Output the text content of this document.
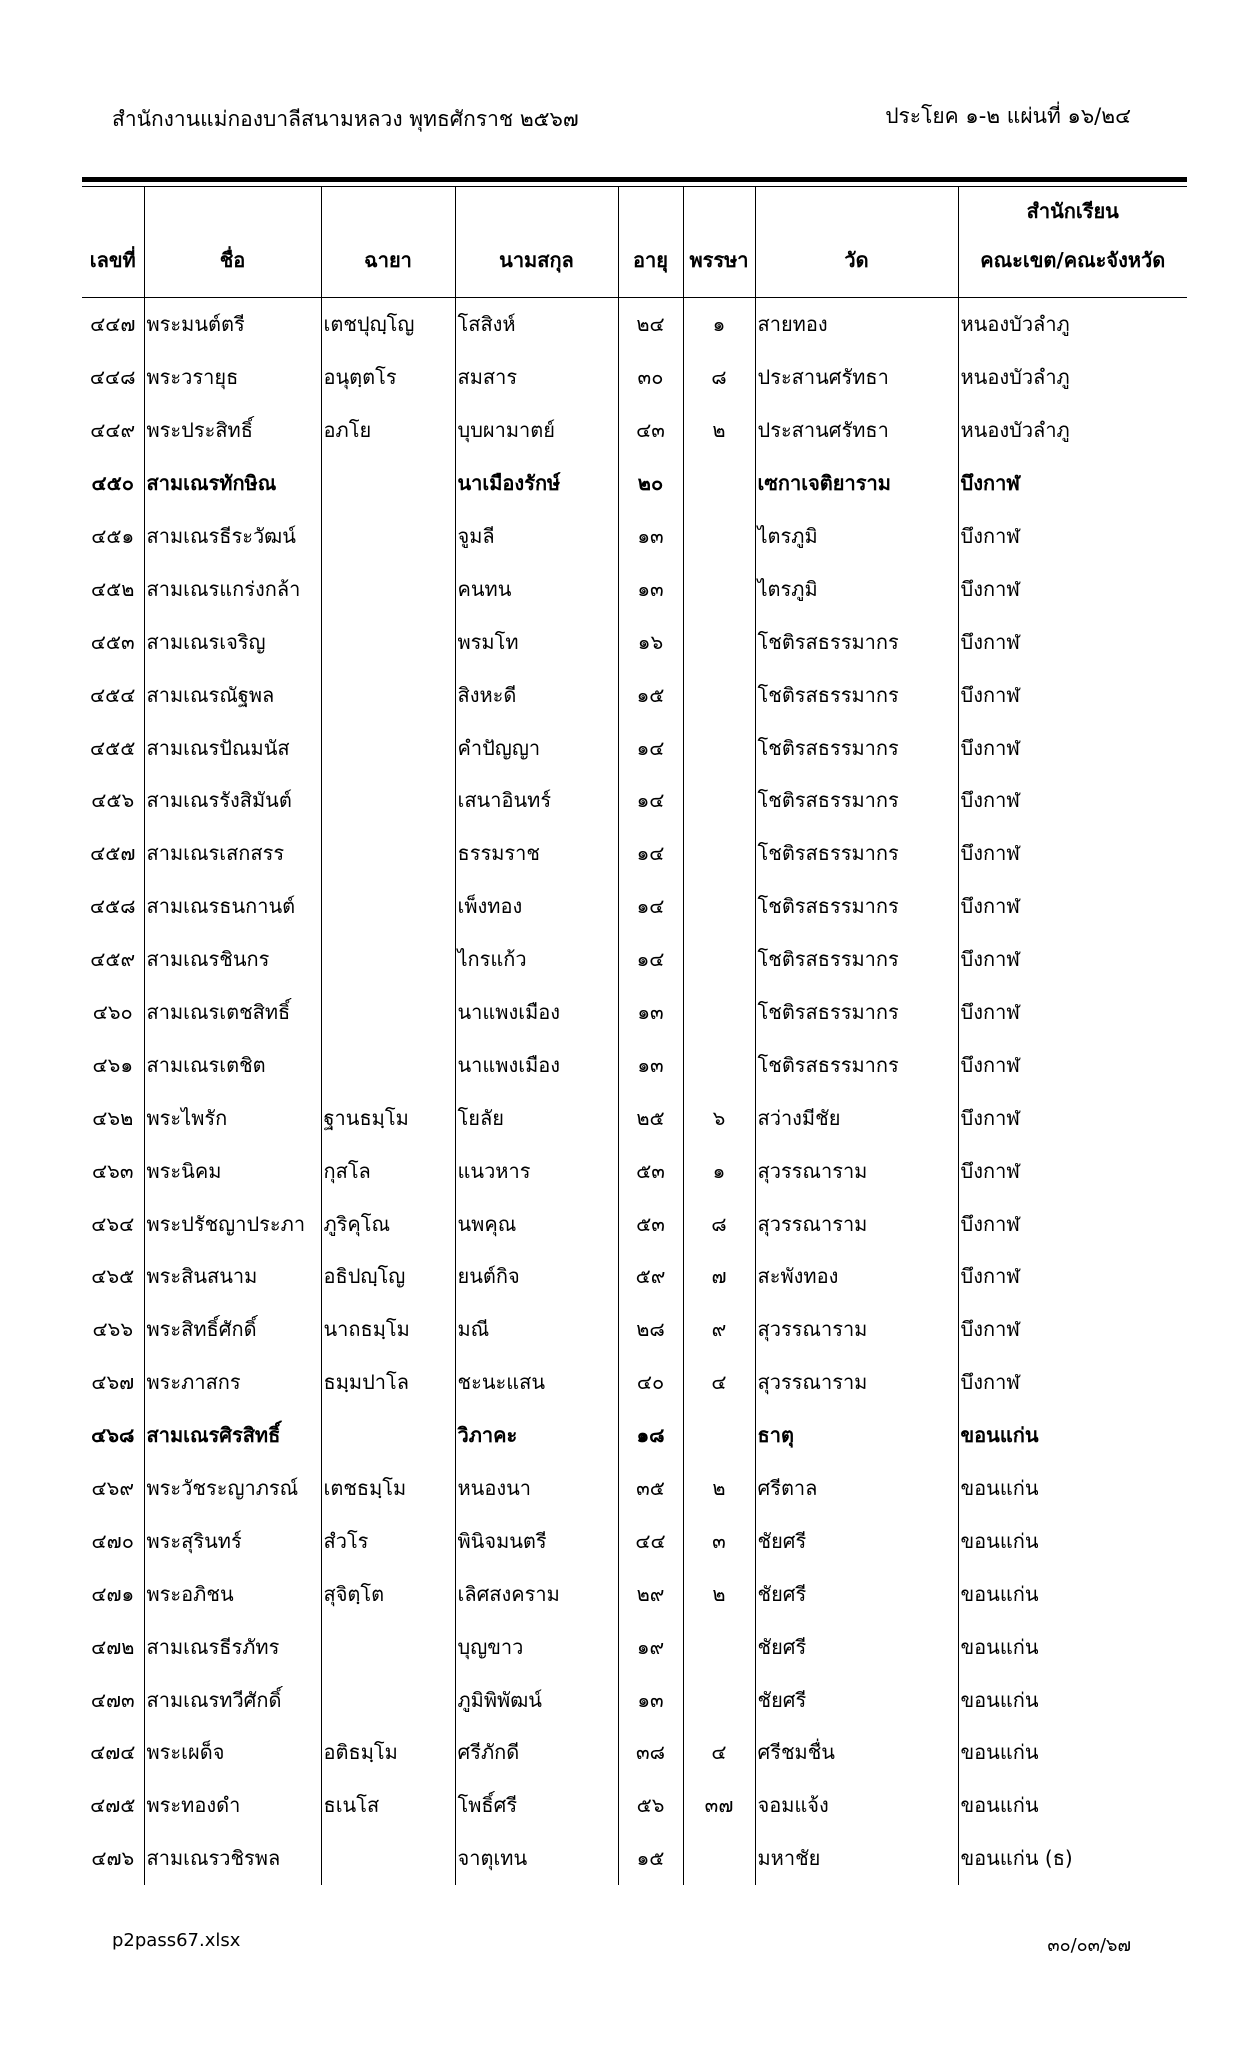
สำนักงานแม่กองบาลีสนามหลวง พุทธศักราช ๒๕๖๗	ประโยค ๑-๒ แผ่นที่ ๑๖/๒๔
เลขที่	ชื่อ	ฉายา	นามสกุล	อายุ	พรรษา	วัด	สำนักเรียน
คณะเขต/คณะจังหวัด
๔๔๗	พระมนต์ตรี	เตชปุญฺโญ	โสสิงห์	๒๔	๑	สายทอง	หนองบัวลำภู
๔๔๘	พระวรายุธ	อนุตฺตโร	สมสาร	๓๐	๘	ประสานศรัทธา	หนองบัวลำภู
๔๔๙	พระประสิทธิ์	อภโย	บุบผามาตย์	๔๓	๒	ประสานศรัทธา	หนองบัวลำภู
๔๕๐	สามเณรทักษิณ		นาเมืองรักษ์	๒๐		เซกาเจติยาราม	บึงกาฬ
๔๕๑	สามเณรธีระวัฒน์		จูมลี	๑๓		ไตรภูมิ	บึงกาฬ
๔๕๒	สามเณรแกร่งกล้า		คนทน	๑๓		ไตรภูมิ	บึงกาฬ
๔๕๓	สามเณรเจริญ		พรมโท	๑๖		โชติรสธรรมากร	บึงกาฬ
๔๕๔	สามเณรณัฐพล		สิงหะดี	๑๕		โชติรสธรรมากร	บึงกาฬ
๔๕๕	สามเณรปัณมนัส		คำปัญญา	๑๔		โชติรสธรรมากร	บึงกาฬ
๔๕๖	สามเณรรังสิมันต์		เสนาอินทร์	๑๔		โชติรสธรรมากร	บึงกาฬ
๔๕๗	สามเณรเสกสรร		ธรรมราช	๑๔		โชติรสธรรมากร	บึงกาฬ
๔๕๘	สามเณรธนกานต์		เพ็งทอง	๑๔		โชติรสธรรมากร	บึงกาฬ
๔๕๙	สามเณรชินกร		ไกรแก้ว	๑๔		โชติรสธรรมากร	บึงกาฬ
๔๖๐	สามเณรเตชสิทธิ์		นาแพงเมือง	๑๓		โชติรสธรรมากร	บึงกาฬ
๔๖๑	สามเณรเตชิต		นาแพงเมือง	๑๓		โชติรสธรรมากร	บึงกาฬ
๔๖๒	พระไพรัก	ฐานธมฺโม	โยลัย	๒๕	๖	สว่างมีชัย	บึงกาฬ
๔๖๓	พระนิคม	กุสโล	แนวหาร	๕๓	๑	สุวรรณาราม	บึงกาฬ
๔๖๔	พระปรัชญาประภา	ภูริคุโณ	นพคุณ	๕๓	๘	สุวรรณาราม	บึงกาฬ
๔๖๕	พระสินสนาม	อธิปญฺโญ	ยนต์กิจ	๕๙	๗	สะพังทอง	บึงกาฬ
๔๖๖	พระสิทธิ์ศักดิ์	นาถธมฺโม	มณี	๒๘	๙	สุวรรณาราม	บึงกาฬ
๔๖๗	พระภาสกร	ธมฺมปาโล	ชะนะแสน	๔๐	๔	สุวรรณาราม	บึงกาฬ
๔๖๘	สามเณรศิรสิทธิ์		วิภาคะ	๑๘		ธาตุ	ขอนแก่น
๔๖๙	พระวัชระญาภรณ์	เตชธมฺโม	หนองนา	๓๕	๒	ศรีตาล	ขอนแก่น
๔๗๐	พระสุรินทร์	สํวโร	พินิจมนตรี	๔๔	๓	ชัยศรี	ขอนแก่น
๔๗๑	พระอภิชน	สุจิตฺโต	เลิศสงคราม	๒๙	๒	ชัยศรี	ขอนแก่น
๔๗๒	สามเณรธีรภัทร		บุญขาว	๑๙		ชัยศรี	ขอนแก่น
๔๗๓	สามเณรทวีศักดิ์		ภูมิพิพัฒน์	๑๓		ชัยศรี	ขอนแก่น
๔๗๔	พระเผด็จ	อติธมฺโม	ศรีภักดี	๓๘	๔	ศรีชมชื่น	ขอนแก่น
๔๗๕	พระทองดำ	ธเนโส	โพธิ์ศรี	๕๖	๓๗	จอมแจ้ง	ขอนแก่น
๔๗๖	สามเณรวชิรพล		จาตุเทน	๑๕		มหาชัย	ขอนแก่น (ธ)
p2pass67.xlsx	๓๐/๐๓/๖๗
